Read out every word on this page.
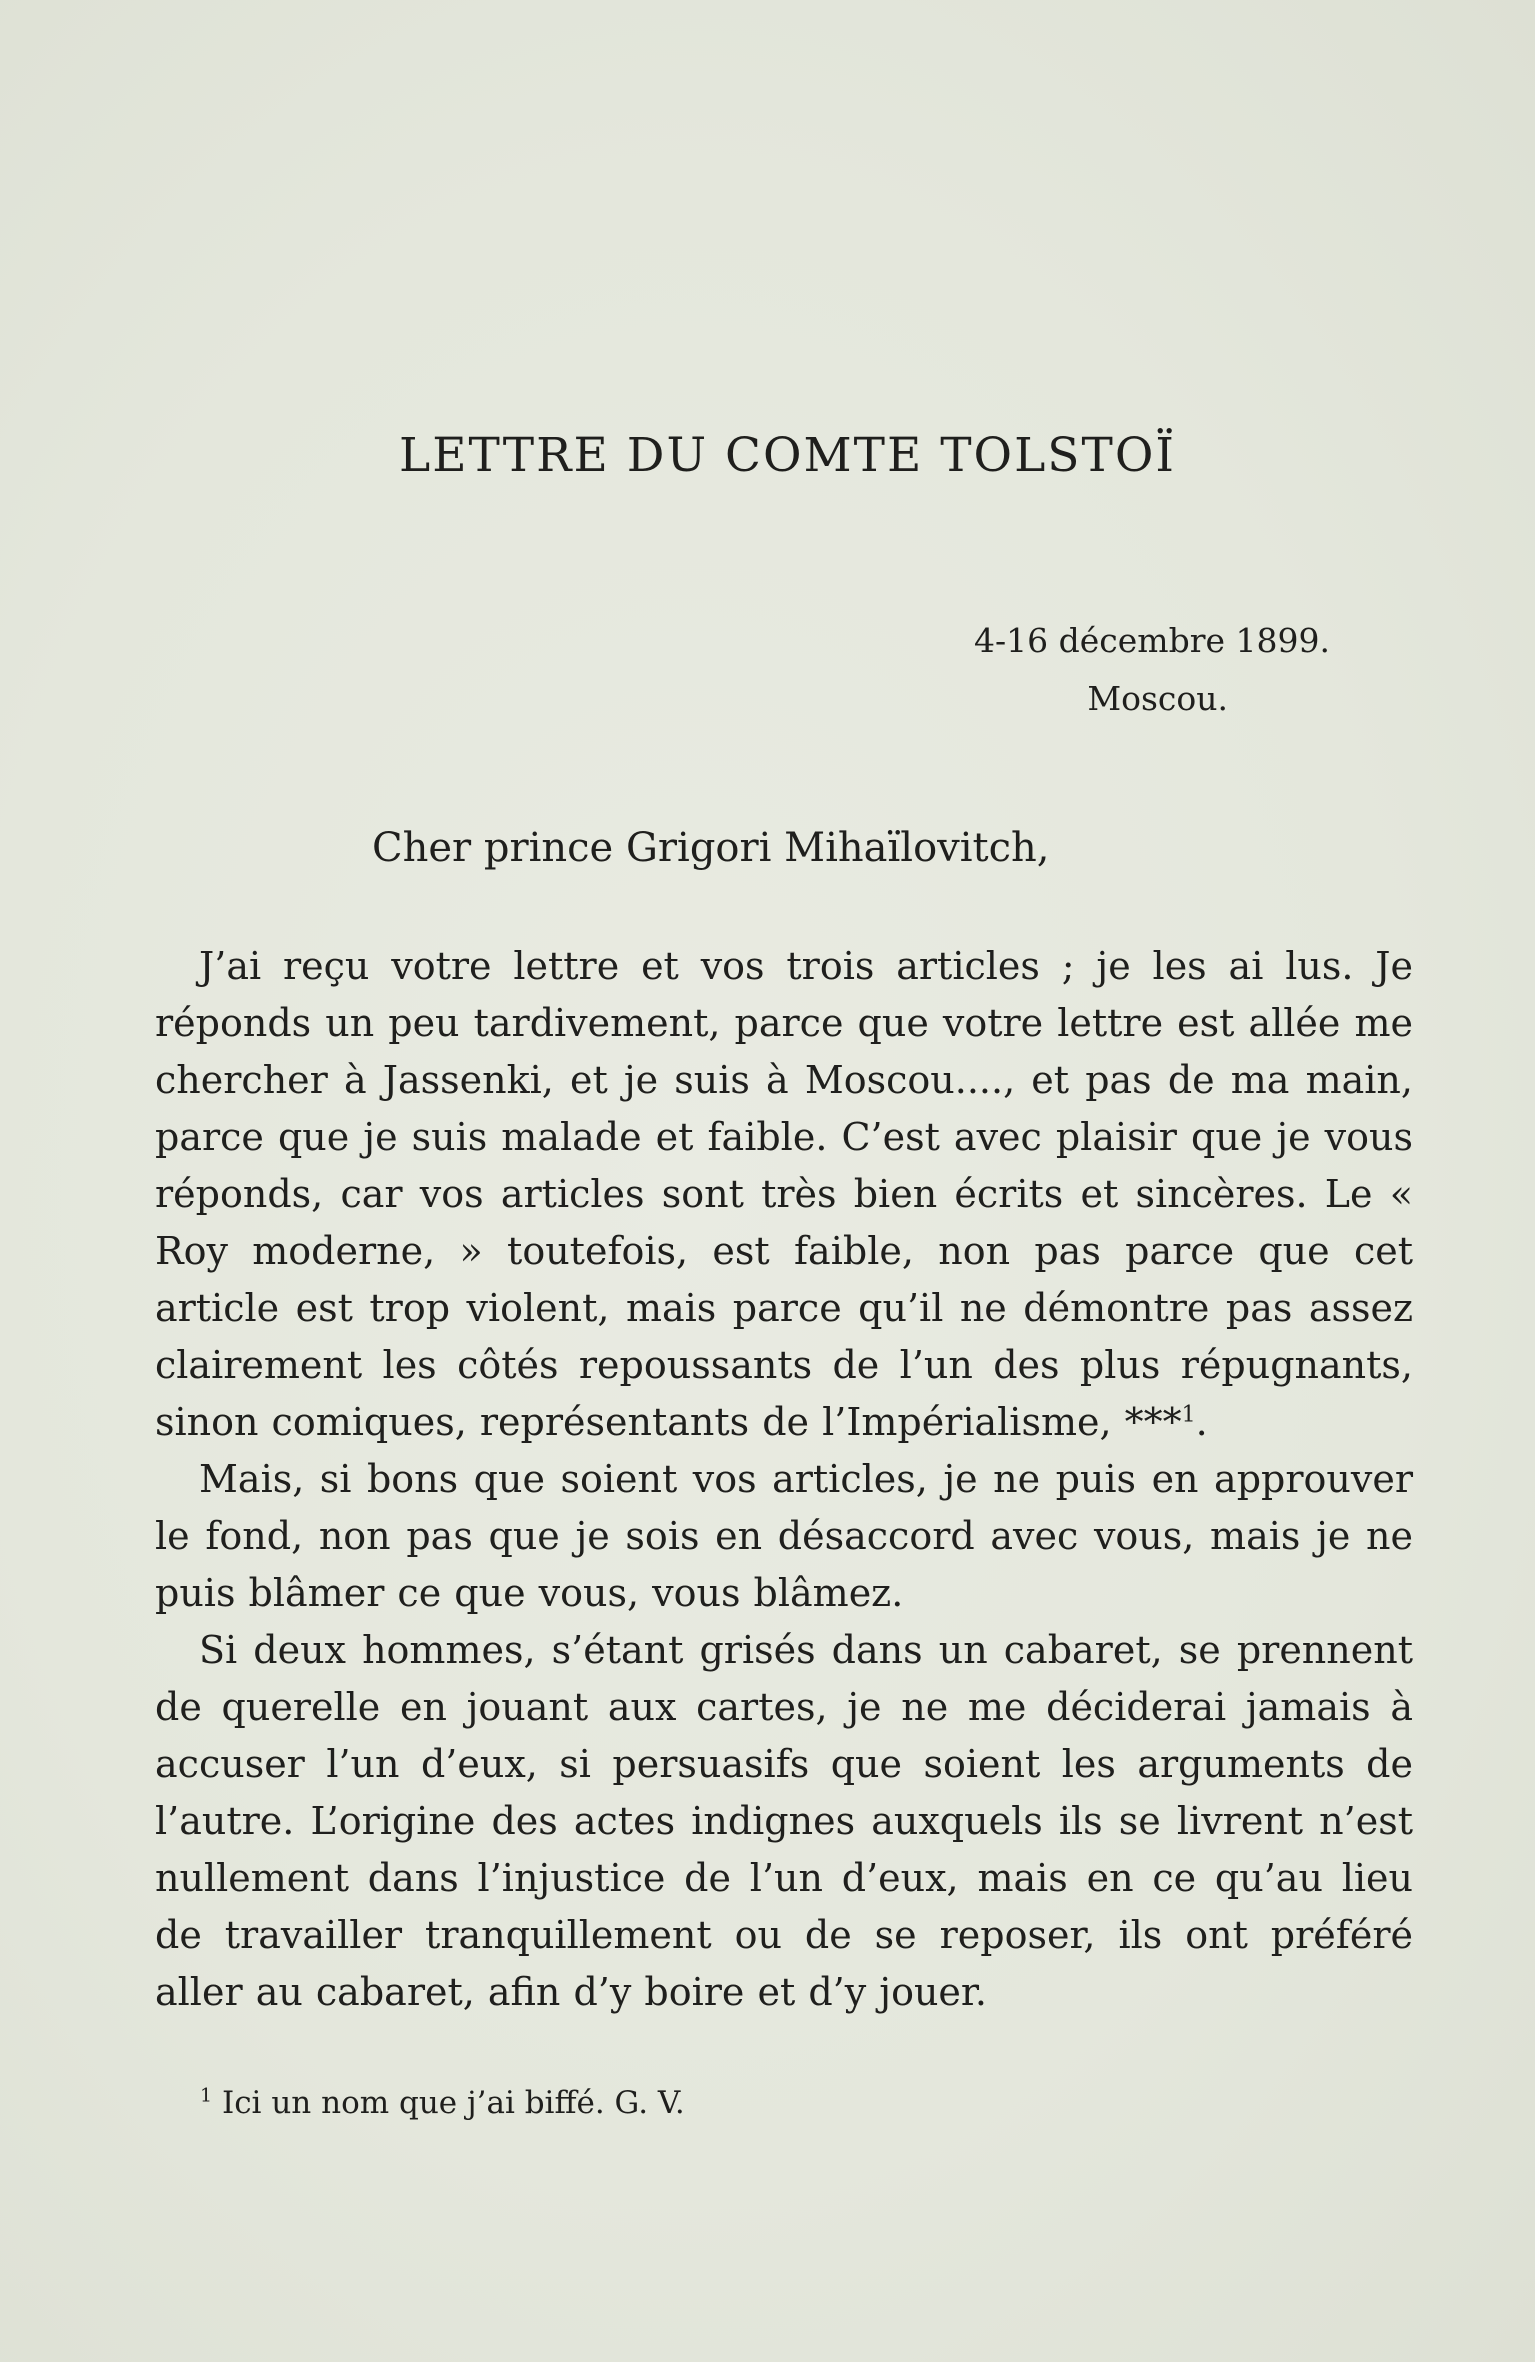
LETTRE DU COMTE TOLSTOÏ
4-16 décembre 1899.
Moscou.

Cher prince Grigori Mihaïlovitch,

J’ai reçu votre lettre et vos trois articles ; je les ai lus. Je réponds un peu tardivement, parce que votre lettre est allée me chercher à Jassenki, et je suis à Moscou...., et pas de ma main, parce que je suis malade et faible. C’est avec plaisir que je vous réponds, car vos articles sont très bien écrits et sincères. Le « Roy moderne, » toutefois, est faible, non pas parce que cet article est trop violent, mais parce qu’il ne démontre pas assez clairement les côtés repoussants de l’un des plus répugnants, sinon comiques, représentants de l’Impérialisme, ***$^1$.

Mais, si bons que soient vos articles, je ne puis en approuver le fond, non pas que je sois en désaccord avec vous, mais je ne puis blâmer ce que vous, vous blâmez.

Si deux hommes, s’étant grisés dans un cabaret, se prennent de querelle en jouant aux cartes, je ne me déciderai jamais à accuser l’un d’eux, si persuasifs que soient les arguments de l’autre. L’origine des actes indignes auxquels ils se livrent n’est nullement dans l’injustice de l’un d’eux, mais en ce qu’au lieu de travailler tranquillement ou de se reposer, ils ont préféré aller au cabaret, afin d’y boire et d’y jouer.

$^1$ Ici un nom que j’ai biffé. G. V.
